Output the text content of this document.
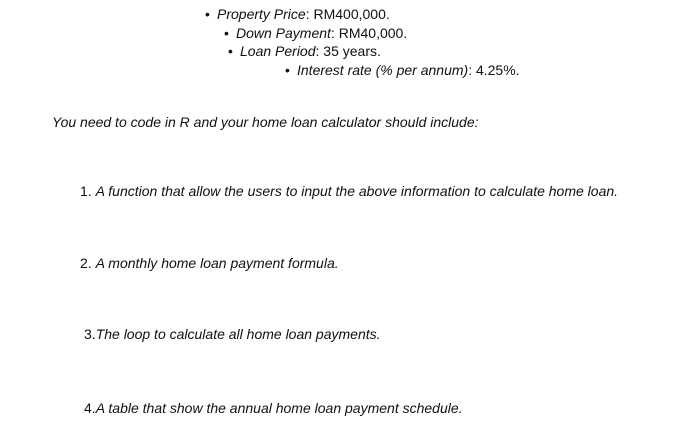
• Property Price: RM400,000.
• Down Payment: RM40,000.
• Loan Period: 35 years.
• Interest rate (% per annum): 4.25%.
You need to code in R and your home loan calculator should include:
1. A function that allow the users to input the above information to calculate home loan.
2. A monthly home loan payment formula.
3.The loop to calculate all home loan payments.
4.A table that show the annual home loan payment schedule.
